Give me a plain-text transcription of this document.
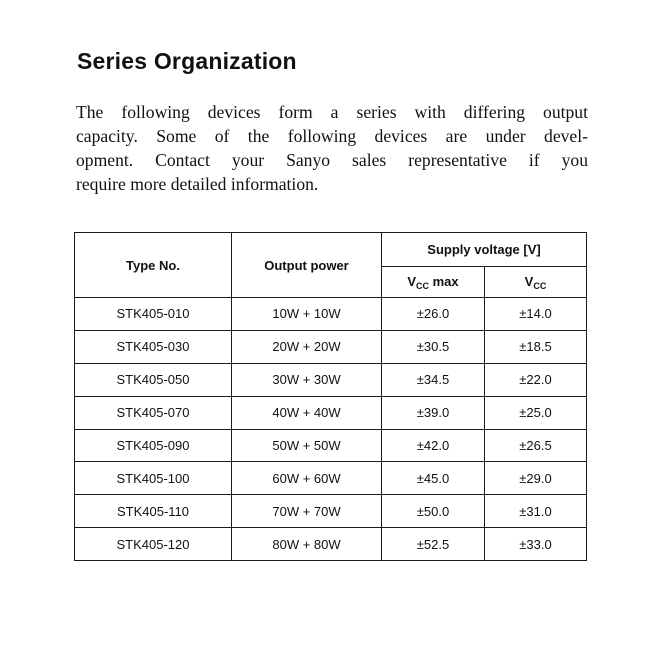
Series Organization

The following devices form a series with differing output
capacity. Some of the following devices are under devel-
opment. Contact your Sanyo sales representative if you
require more detailed information.

Type No.	Output power	Supply voltage [V]	
		$V_{CC}$ max	$V_{CC}$
STK405-010	10W + 10W	±26.0	±14.0
STK405-030	20W + 20W	±30.5	±18.5
STK405-050	30W + 30W	±34.5	±22.0
STK405-070	40W + 40W	±39.0	±25.0
STK405-090	50W + 50W	±42.0	±26.5
STK405-100	60W + 60W	±45.0	±29.0
STK405-110	70W + 70W	±50.0	±31.0
STK405-120	80W + 80W	±52.5	±33.0
